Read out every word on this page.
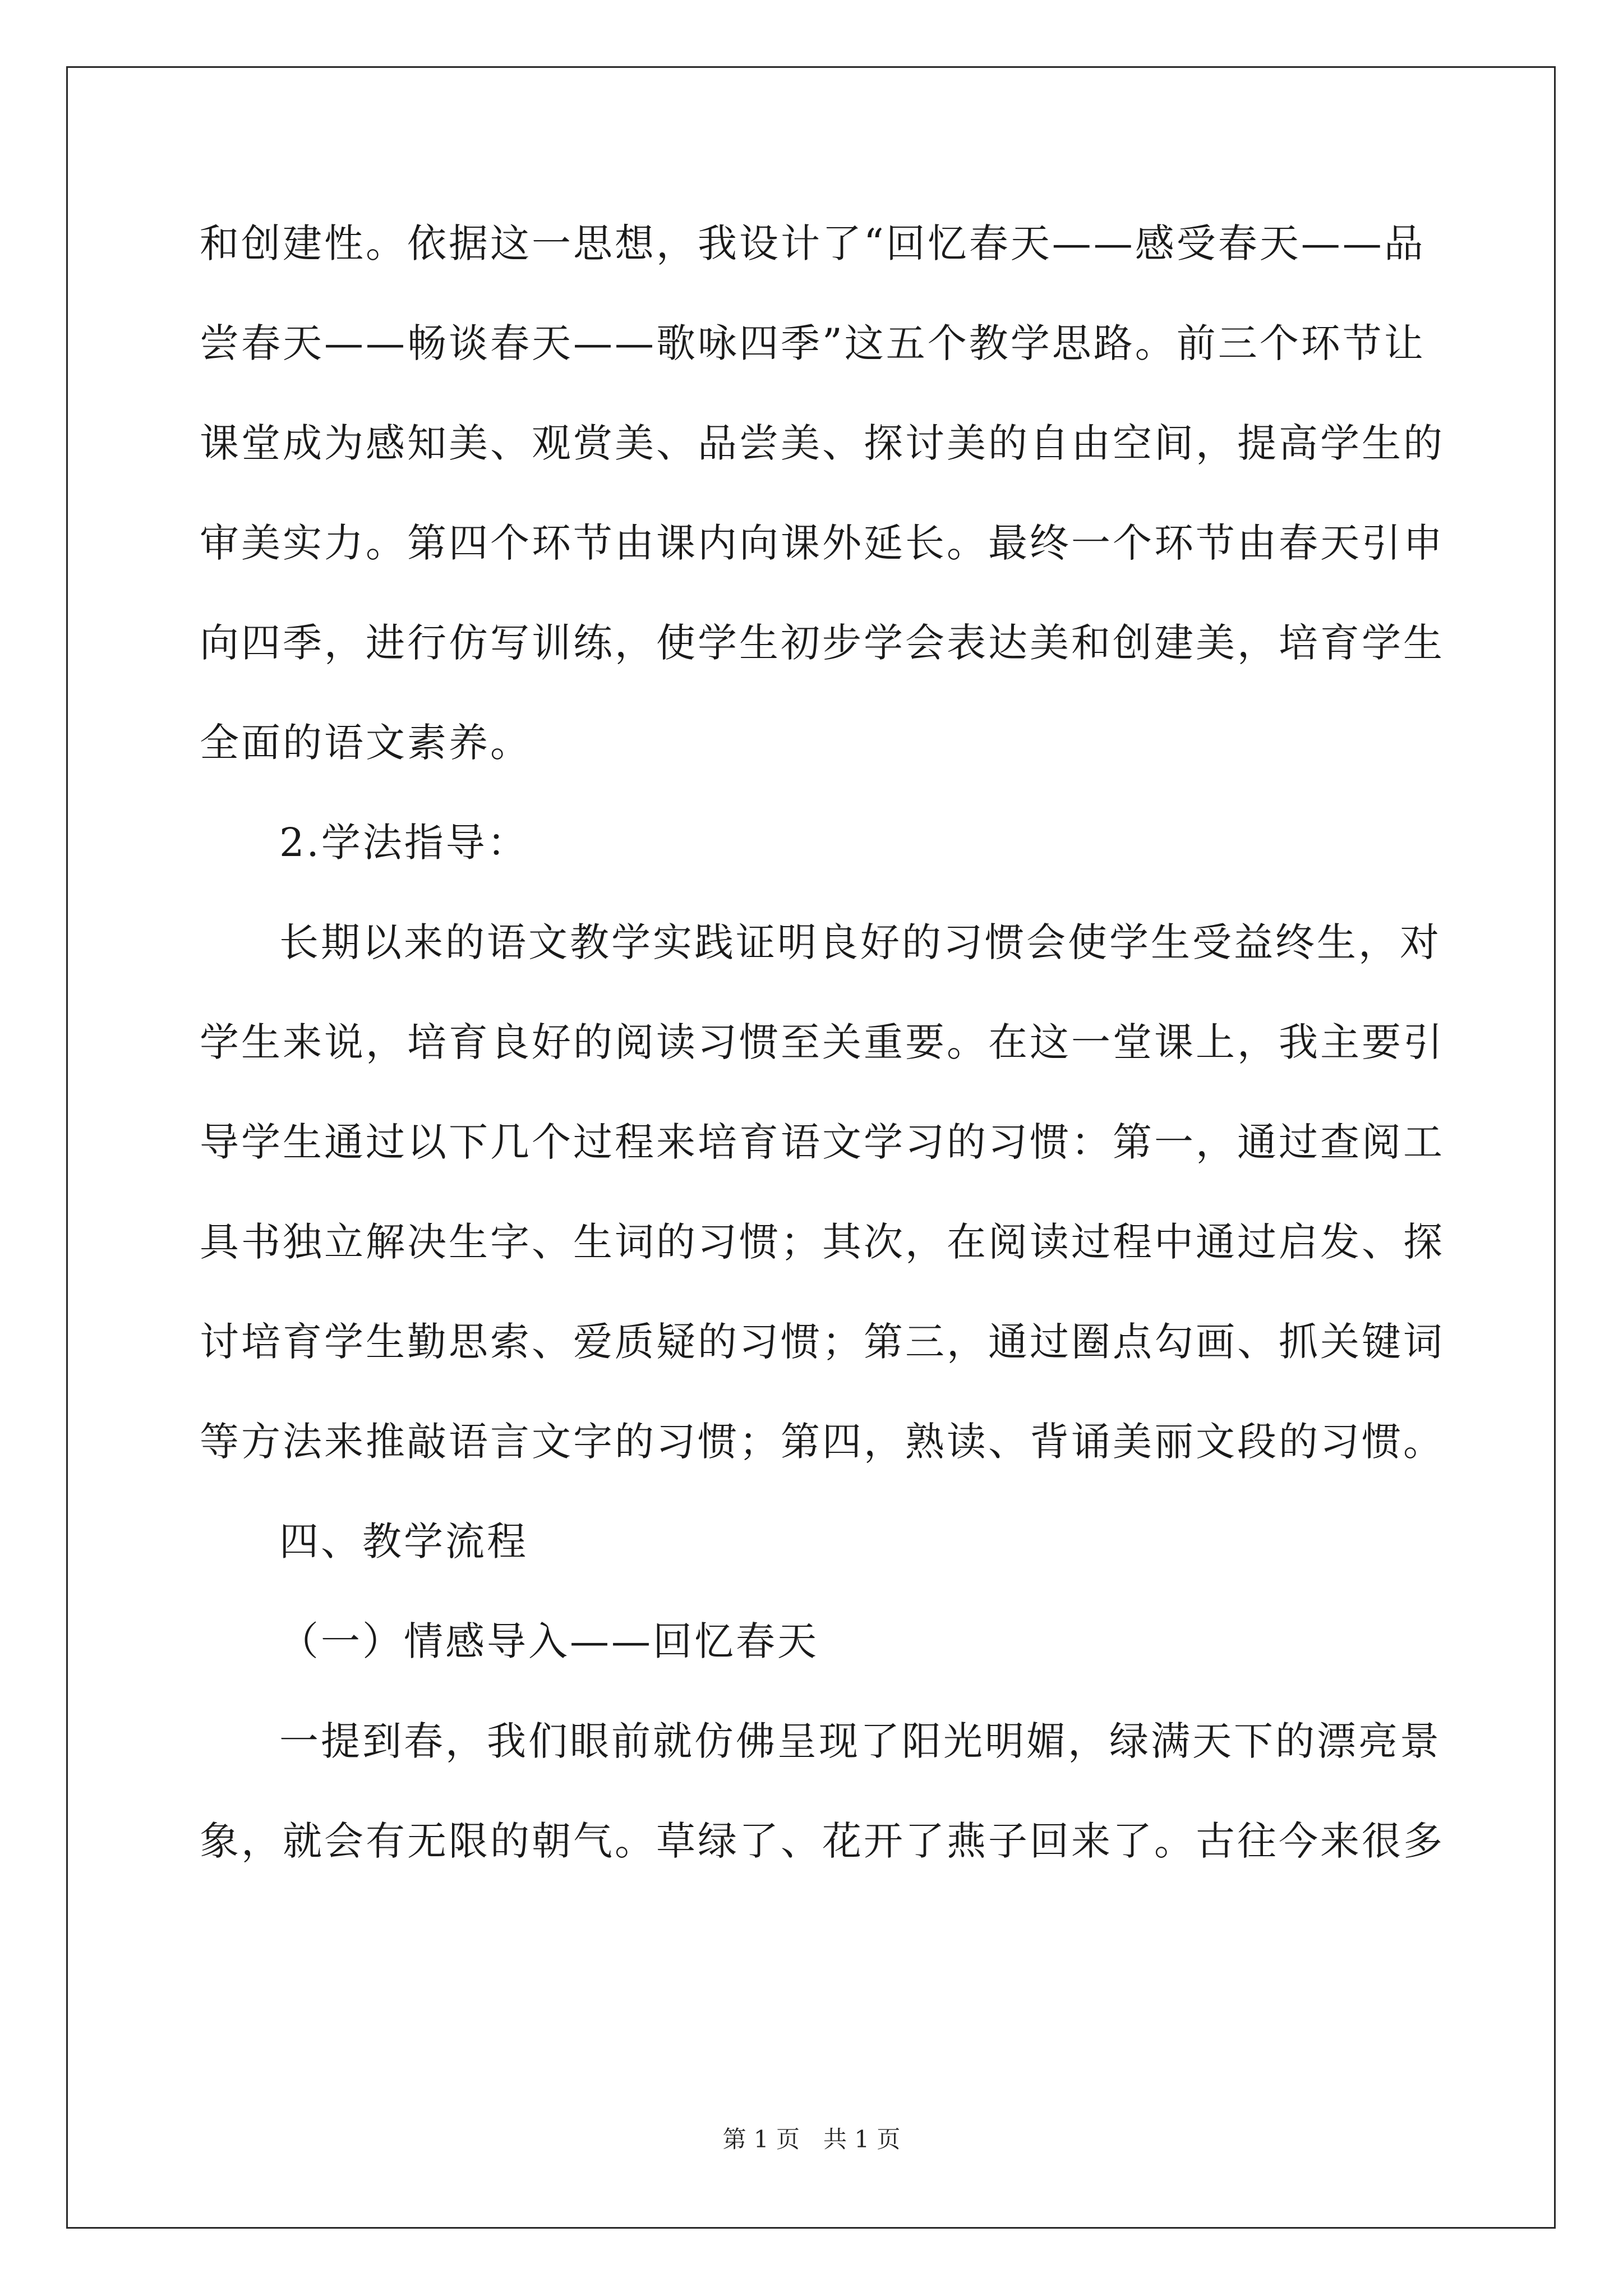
和创建性。依据这一思想，我设计了“回忆春天——感受春天——品
尝春天——畅谈春天——歌咏四季”这五个教学思路。前三个环节让
课堂成为感知美、观赏美、品尝美、探讨美的自由空间，提高学生的
审美实力。第四个环节由课内向课外延长。最终一个环节由春天引申
向四季，进行仿写训练，使学生初步学会表达美和创建美，培育学生
全面的语文素养。
2.学法指导：
长期以来的语文教学实践证明良好的习惯会使学生受益终生，对
学生来说，培育良好的阅读习惯至关重要。在这一堂课上，我主要引
导学生通过以下几个过程来培育语文学习的习惯：第一，通过查阅工
具书独立解决生字、生词的习惯；其次，在阅读过程中通过启发、探
讨培育学生勤思索、爱质疑的习惯；第三，通过圈点勾画、抓关键词
等方法来推敲语言文字的习惯；第四，熟读、背诵美丽文段的习惯。
四、教学流程
（一）情感导入——回忆春天
一提到春，我们眼前就仿佛呈现了阳光明媚，绿满天下的漂亮景
象，就会有无限的朝气。草绿了、花开了燕子回来了。古往今来很多
第 1 页　共 1 页
